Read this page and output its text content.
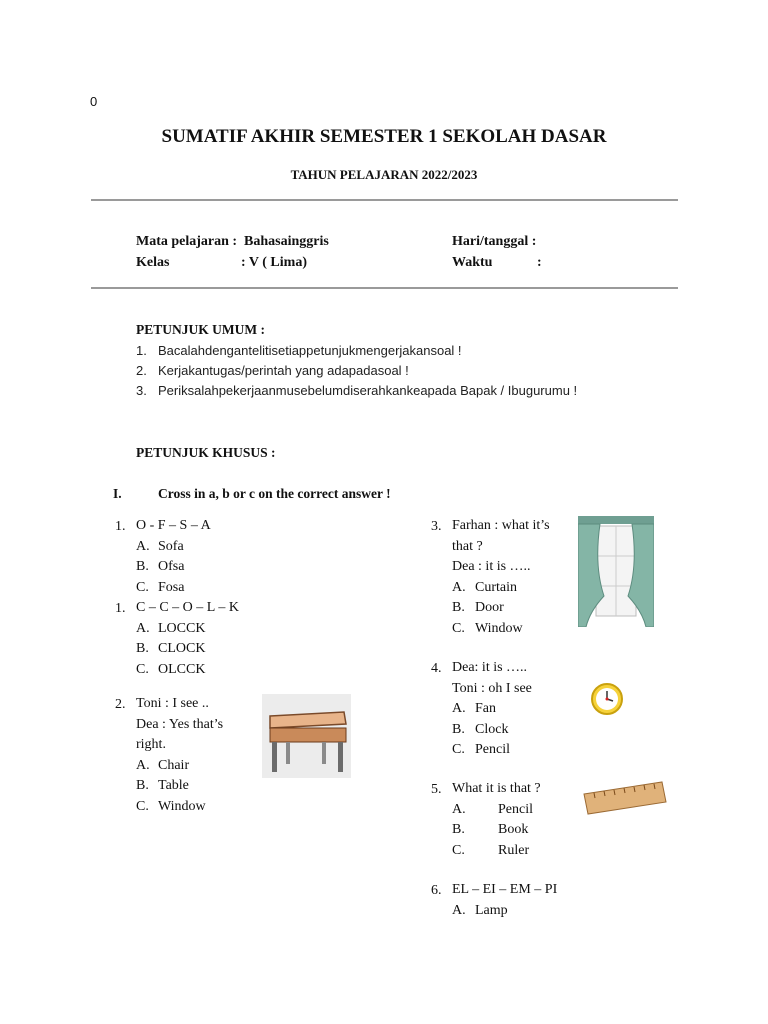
0
SUMATIF AKHIR SEMESTER 1 SEKOLAH DASAR
TAHUN PELAJARAN 2022/2023
Mata pelajaran : Bahasainggris
Kelas	: V ( Lima)
Hari/tanggal :
Waktu	:
PETUNJUK UMUM :
1. Bacalahdengantelitisetiappetunjukmengerjakansoal !
2. Kerjakantugas/perintah yang adapadasoal !
3. Periksalahpekerjaanmusebelumdiserahkankeapada Bapak / Ibugurumu !
PETUNJUK KHUSUS :
I.	Cross in a, b or c on the correct answer !
1. O - F – S – A
A. Sofa
B. Ofsa
C. Fosa
1. C – C – O – L – K
A. LOCCK
B. CLOCK
C. OLCCK
2. Toni : I see ..
Dea : Yes that’s
right.
A. Chair
B. Table
C. Window
3. Farhan : what it’s
that ?
Dea : it is …..
A. Curtain
B. Door
C. Window
4. Dea: it is …..
Toni : oh I see
A. Fan
B. Clock
C. Pencil
5. What it is that ?
A. Pencil
B. Book
C. Ruler
6. EL – EI – EM – PI
A. Lamp
